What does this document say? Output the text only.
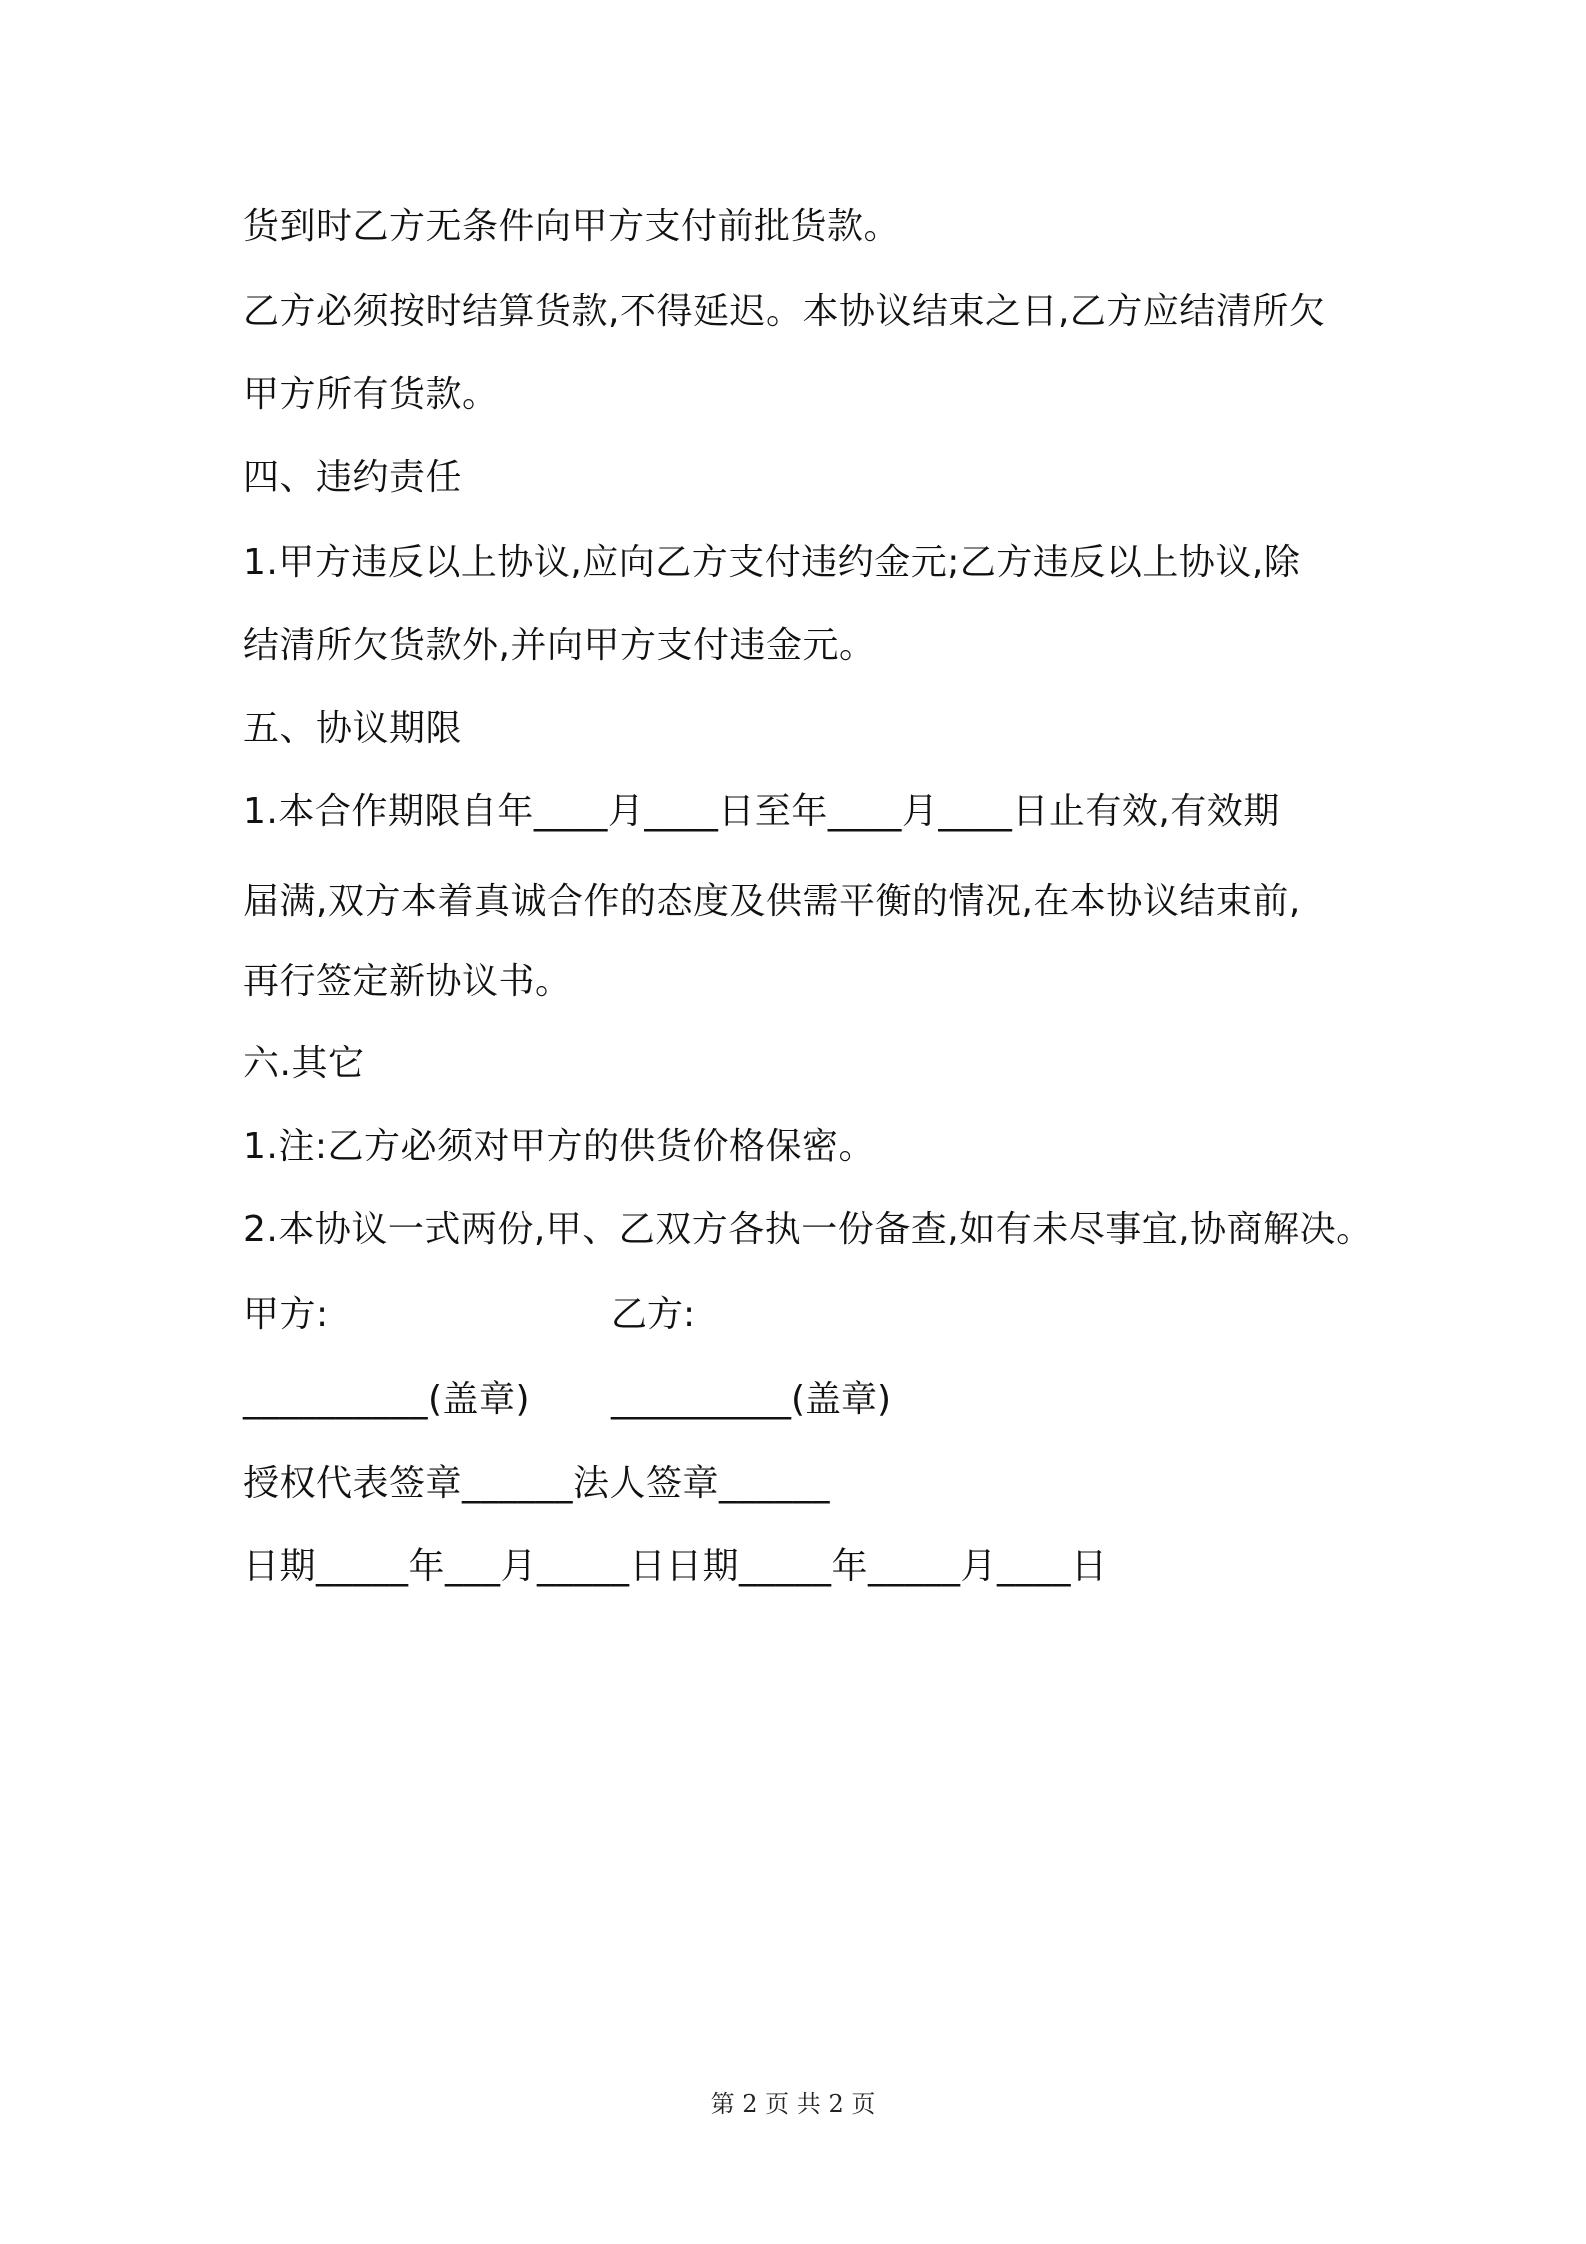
货到时乙方无条件向甲方支付前批货款。
乙方必须按时结算货款,不得延迟。本协议结束之日,乙方应结清所欠
甲方所有货款。
四、违约责任
1.甲方违反以上协议,应向乙方支付违约金元;乙方违反以上协议,除
结清所欠货款外,并向甲方支付违金元。
五、协议期限
1.本合作期限自年____月____日至年____月____日止有效,有效期
届满,双方本着真诚合作的态度及供需平衡的情况,在本协议结束前,
再行签定新协议书。
六.其它
1.注:乙方必须对甲方的供货价格保密。
2.本协议一式两份,甲、乙双方各执一份备查,如有未尽事宜,协商解决。
甲方:	乙方:
__________(盖章) __________(盖章)
授权代表签章______法人签章______
日期_____年___月_____日日期_____年_____月____日
第 2 页 共 2 页
